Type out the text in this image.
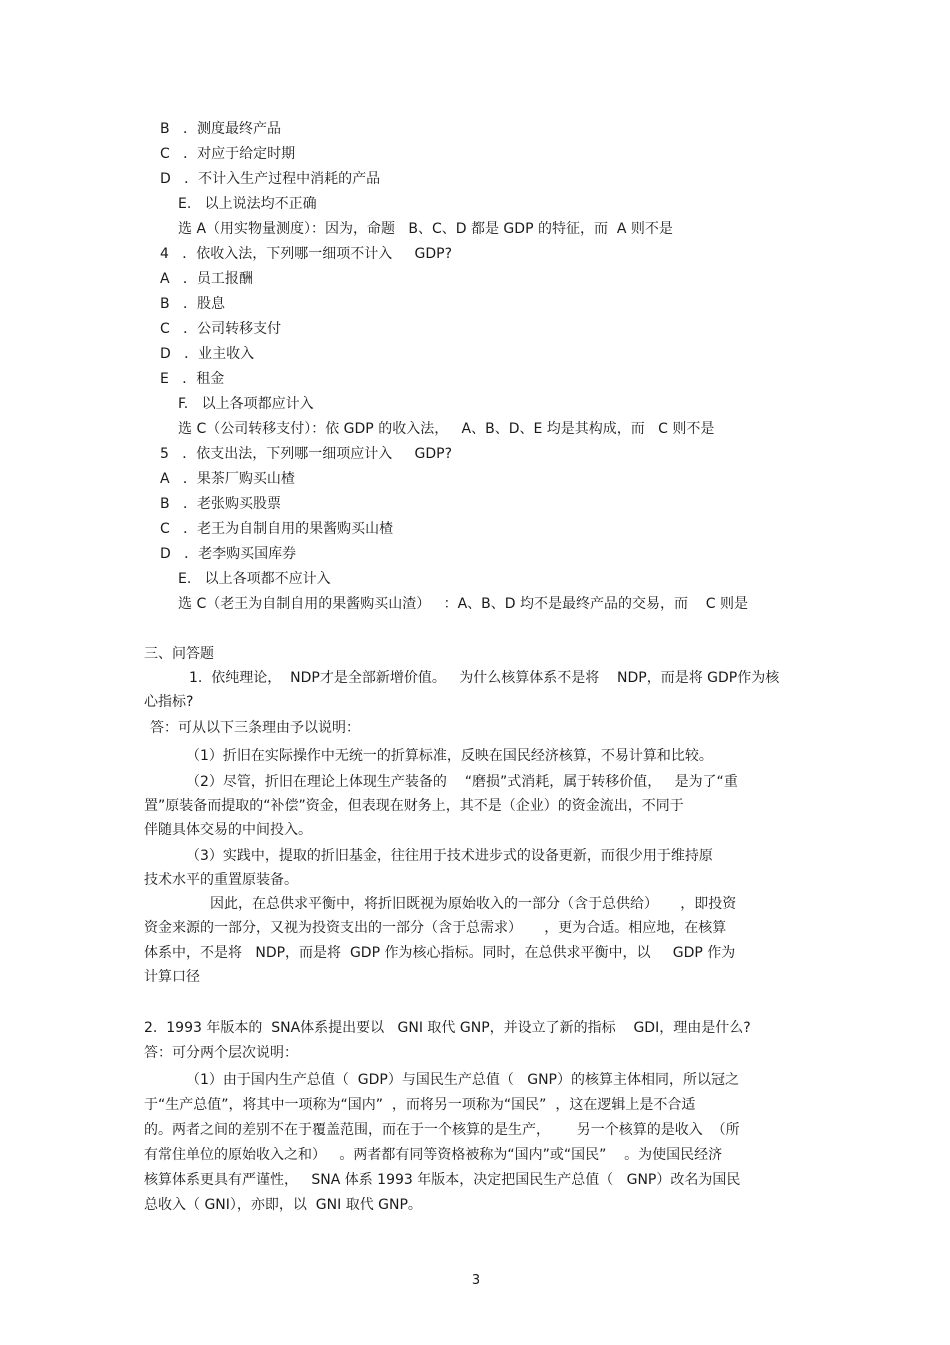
B   ．测度最终产品
C   ．对应于给定时期
D   ．不计入生产过程中消耗的产品
E.   以上说法均不正确
选 A（用实物量测度）：因为，命题   B、C、D 都是 GDP 的特征，而  A 则不是
4   ．依收入法，下列哪一细项不计入     GDP?
A   ．员工报酬
B   ．股息
C   ．公司转移支付
D   ．业主收入
E   ．租金
F.   以上各项都应计入
选 C（公司转移支付）：依 GDP 的收入法，   A、B、D、E 均是其构成，而   C 则不是
5   ．依支出法，下列哪一细项应计入     GDP?
A   ．果茶厂购买山楂
B   ．老张购买股票
C   ．老王为自制自用的果酱购买山楂
D   ．老李购买国库券
E.   以上各项都不应计入
选 C（老王为自制自用的果酱购买山渣）   ：A、B、D 均不是最终产品的交易，而    C 则是
三、问答题
1.  依纯理论，  NDP才是全部新增价值。   为什么核算体系不是将    NDP，而是将 GDP作为核
心指标?
答：可从以下三条理由予以说明：
（1）折旧在实际操作中无统一的折算标准，反映在国民经济核算，不易计算和比较。
（2）尽管，折旧在理论上体现生产装备的    “磨损”式消耗，属于转移价值，   是为了“重
置”原装备而提取的“补偿”资金，但表现在财务上，其不是（企业）的资金流出，不同于
伴随具体交易的中间投入。
（3）实践中，提取的折旧基金，往往用于技术进步式的设备更新，而很少用于维持原
技术水平的重置原装备。
因此，在总供求平衡中，将折旧既视为原始收入的一部分（含于总供给）     ，即投资
资金来源的一部分，又视为投资支出的一部分（含于总需求）     ，更为合适。相应地，在核算
体系中，不是将   NDP，而是将  GDP 作为核心指标。同时，在总供求平衡中，以     GDP 作为
计算口径
2.  1993 年版本的  SNA体系提出要以   GNI 取代 GNP，并设立了新的指标    GDI，理由是什么?
答：可分两个层次说明：
（1）由于国内生产总值（  GDP）与国民生产总值（   GNP）的核算主体相同，所以冠之
于“生产总值”，将其中一项称为“国内”  ，而将另一项称为“国民”  ，这在逻辑上是不合适
的。两者之间的差别不在于覆盖范围，而在于一个核算的是生产，      另一个核算的是收入  （所
有常住单位的原始收入之和）   。两者都有同等资格被称为“国内”或“国民”    。为使国民经济
核算体系更具有严谨性，   SNA 体系 1993 年版本，决定把国民生产总值（   GNP）改名为国民
总收入（ GNI），亦即，以  GNI 取代 GNP。
3
